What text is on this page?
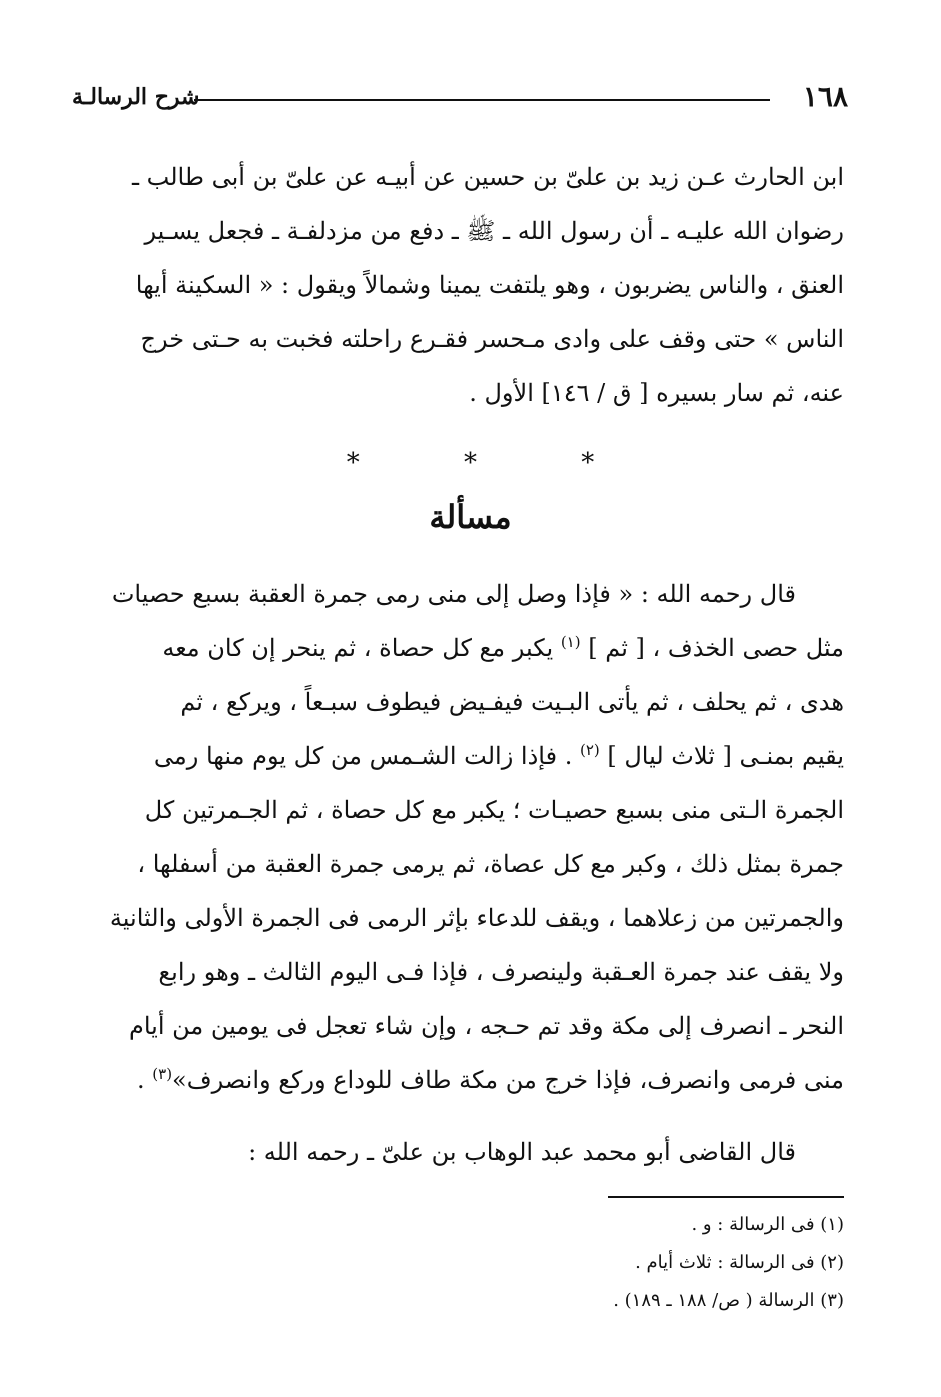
١٦٨
شرح الرسالـة

ابن الحارث عـن زيد بن علىّ بن حسين عن أبيـه عن علىّ بن أبى طالب ـ

رضوان الله عليـه ـ أن رسول الله ـ ﷺ ـ دفع من مزدلفـة ـ فجعل يسـير

العنق ، والناس يضربون ، وهو يلتفت يمينا وشمالاً ويقول : « السكينة أيها

الناس » حتى وقف على وادى مـحسر فقـرع راحلته فخبت به حـتى خرج

عنه، ثم سار بسيره [ ق / ١٤٦] الأول .

* * *
مسألة

قال رحمه الله : « فإذا وصل إلى منى رمى جمرة العقبة بسبع حصيات

مثل حصى الخذف ، [ ثم ] $^{(١)}$ يكبر مع كل حصاة ، ثم ينحر إن كان معه

هدى ، ثم يحلف ، ثم يأتى البـيت فيفـيض فيطوف سبـعاً ، ويركع ، ثم

يقيم بمنـى [ ثلاث ليال ] $^{(٢)}$ . فإذا زالت الشـمس من كل يوم منها رمى

الجمرة الـتى منى بسبع حصيـات ؛ يكبر مع كل حصاة ، ثم الجـمرتين كل

جمرة بمثل ذلك ، وكبر مع كل عصاة، ثم يرمى جمرة العقبة من أسفلها ،

والجمرتين من زعلاهما ، ويقف للدعاء بإثر الرمى فى الجمرة الأولى والثانية

ولا يقف عند جمرة العـقبة ولينصرف ، فإذا فـى اليوم الثالث ـ وهو رابع

النحر ـ انصرف إلى مكة وقد تم حـجه ، وإن شاء تعجل فى يومين من أيام

منى فرمى وانصرف، فإذا خرج من مكة طاف للوداع وركع وانصرف»$^{(٣)}$ .

قال القاضى أبو محمد عبد الوهاب بن علىّ ـ رحمه الله :
(١) فى الرسالة : و .
(٢) فى الرسالة : ثلاث أيام .
(٣) الرسالة ( ص/ ١٨٨ ـ ١٨٩) .
